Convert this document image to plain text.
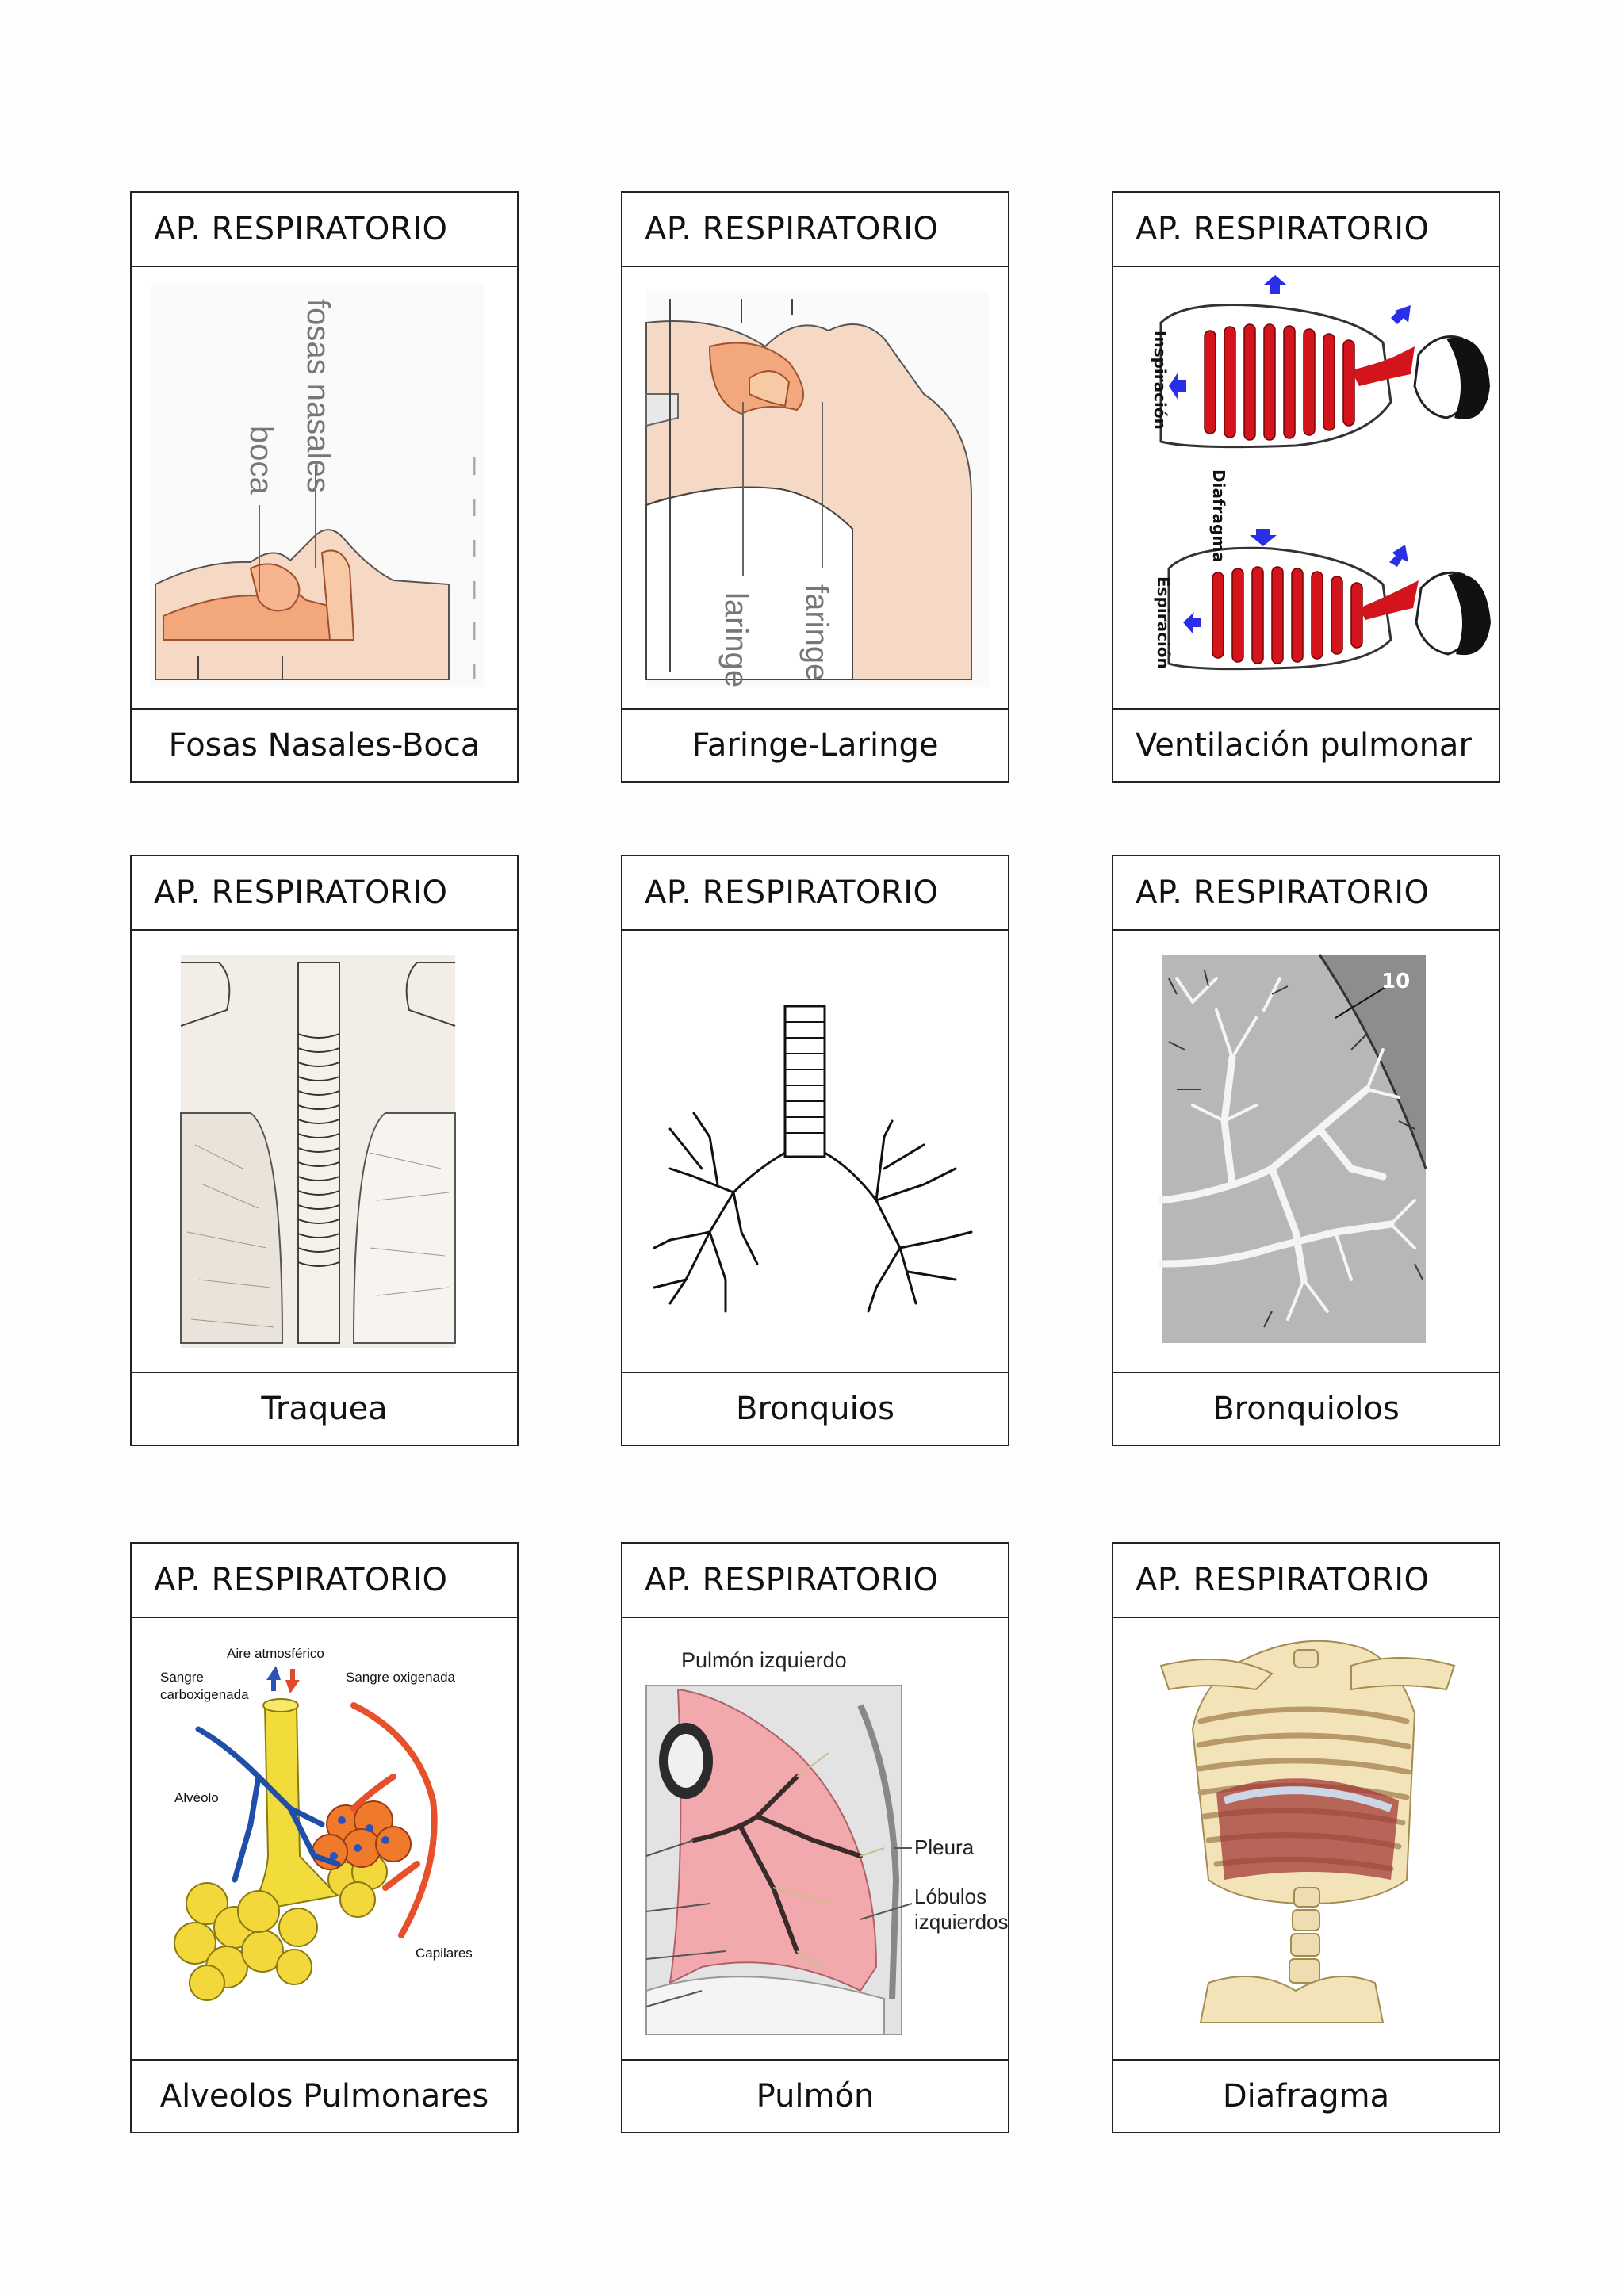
AP. RESPIRATORIO
fosas nasales
boca
Fosas Nasales-Boca
AP. RESPIRATORIO
laringe faringe
Faringe-Laringe
AP. RESPIRATORIO
Inspiración
Diafragma
Espiración
Ventilación pulmonar
AP. RESPIRATORIO
Traquea
AP. RESPIRATORIO
Bronquios
AP. RESPIRATORIO
10
Bronquiolos
AP. RESPIRATORIO
Aire atmosférico
Sangre
carboxigenada
Sangre oxigenada
Alvéolo
Capilares
Alveolos Pulmonares
AP. RESPIRATORIO
Pulmón izquierdo
Pleura
Lóbulos
izquierdos
Pulmón
AP. RESPIRATORIO
Diafragma
